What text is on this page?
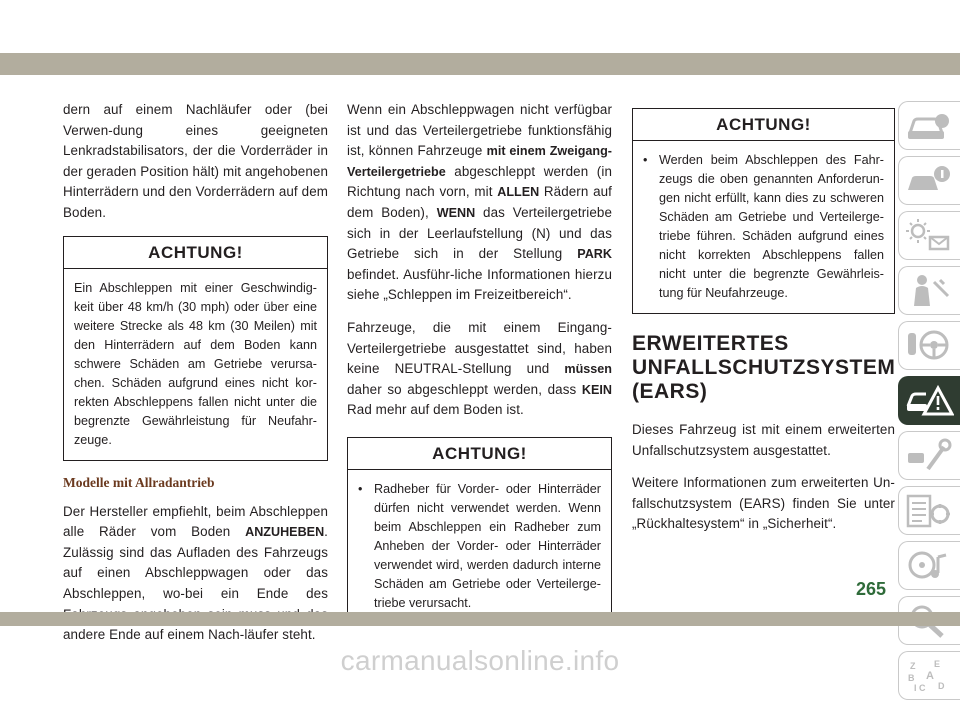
dern auf einem Nachläufer oder (bei Verwen-dung eines geeigneten Lenkradstabilisators, der die Vorderräder in der geraden Position hält) mit angehobenen Hinterrädern und den Vorderrädern auf dem Boden.

ACHTUNG!
Ein Abschleppen mit einer Geschwindig-keit über 48 km/h (30 mph) oder über eine weitere Strecke als 48 km (30 Meilen) mit den Hinterrädern auf dem Boden kann schwere Schäden am Getriebe verursa-chen. Schäden aufgrund eines nicht kor-rekten Abschleppens fallen nicht unter die begrenzte Gewährleistung für Neufahr-zeuge.
Modelle mit Allradantrieb

Der Hersteller empfiehlt, beim Abschleppen alle Räder vom Boden ANZUHEBEN. Zulässig sind das Aufladen des Fahrzeugs auf einen Abschleppwagen oder das Abschleppen, wo-bei ein Ende des andere Ende auf einem Nach-läufer steht.

Wenn ein Abschleppwagen nicht verfügbar ist und das Verteilergetriebe funktionsfähig ist, können Fahrzeuge mit einem Zweigang-Verteilergetriebe abgeschleppt werden (in Richtung nach vorn, mit ALLEN Rädern auf dem Boden), WENN das Verteilergetriebe sich in der Leerlaufstellung (N) und das Getriebe sich in der Stellung PARK befindet. Ausführ-liche Informationen hierzu siehe „Schleppen im Freizeitbereich“.

Fahrzeuge, die mit einem Eingang-Verteilergetriebe ausgestattet sind, haben keine NEUTRAL-Stellung und müssen daher so abgeschleppt werden, dass KEIN Rad mehr auf dem Boden ist.

ACHTUNG!
• Radheber für Vorder- oder Hinterräder dürfen nicht verwendet werden. Wenn beim Abschleppen ein Radheber zum Anheben der Vorder- oder Hinterräder verwendet wird, werden dadurch interne Schäden am Getriebe oder Verteilerge-triebe verursacht.
ACHTUNG!
• Werden beim Abschleppen des Fahr-zeugs die oben genannten Anforderun-gen nicht erfüllt, kann dies zu schweren Schäden am Getriebe und Verteilerge-triebe führen. Schäden aufgrund eines nicht korrekten Abschleppens fallen nicht unter die begrenzte Gewährleis-tung für Neufahrzeuge.
ERWEITERTES
UNFALLSCHUTZSYSTEM
(EARS)

Dieses Fahrzeug ist mit einem erweiterten Unfallschutzsystem ausgestattet.

Weitere Informationen zum erweiterten Un-fallschutzsystem (EARS) finden Sie unter „Rückhaltesystem“ in „Sicherheit“.

Z E
B A
I C D
265
carmanualsonline.info
